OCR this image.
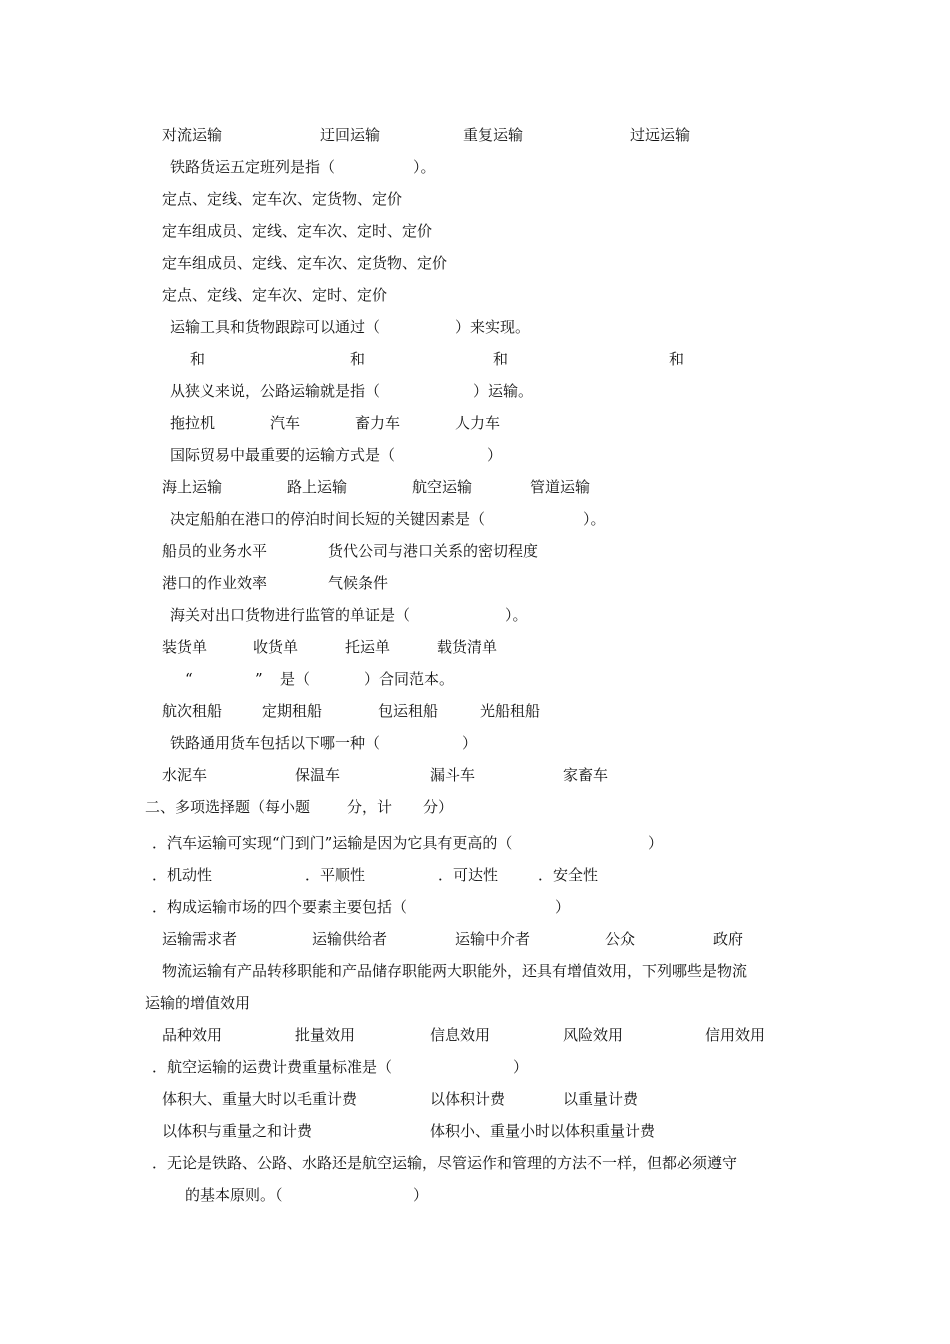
对流运输	迂回运输	重复运输	过远运输
铁路货运五定班列是指（	）。
定点、定线、定车次、定货物、定价
定车组成员、定线、定车次、定时、定价
定车组成员、定线、定车次、定货物、定价
定点、定线、定车次、定时、定价
运输工具和货物跟踪可以通过（	）来实现。
和	和	和	和
从狭义来说，公路运输就是指（	）运输。
拖拉机	汽车	畜力车	人力车
国际贸易中最重要的运输方式是（	）
海上运输	路上运输	航空运输	管道运输
决定船舶在港口的停泊时间长短的关键因素是（	）。
船员的业务水平	货代公司与港口关系的密切程度
港口的作业效率	气候条件
海关对出口货物进行监管的单证是（	）。
装货单	收货单	托运单	载货清单
“	” 是（	）合同范本。
航次租船	定期租船	包运租船	光船租船
铁路通用货车包括以下哪一种（	）
水泥车	保温车	漏斗车	家畜车
二、多项选择题（每小题 分，计 分）
．汽车运输可实现“门到门”运输是因为它具有更高的（	）
．机动性	．平顺性	．可达性	．安全性
．构成运输市场的四个要素主要包括（	）
运输需求者	运输供给者	运输中介者	公众	政府
物流运输有产品转移职能和产品储存职能两大职能外，还具有增值效用，下列哪些是物流
运输的增值效用
品种效用	批量效用	信息效用	风险效用	信用效用
．航空运输的运费计费重量标准是（	）
体积大、重量大时以毛重计费	以体积计费	以重量计费
以体积与重量之和计费	体积小、重量小时以体积重量计费
．无论是铁路、公路、水路还是航空运输，尽管运作和管理的方法不一样，但都必须遵守
的基本原则。（	）
